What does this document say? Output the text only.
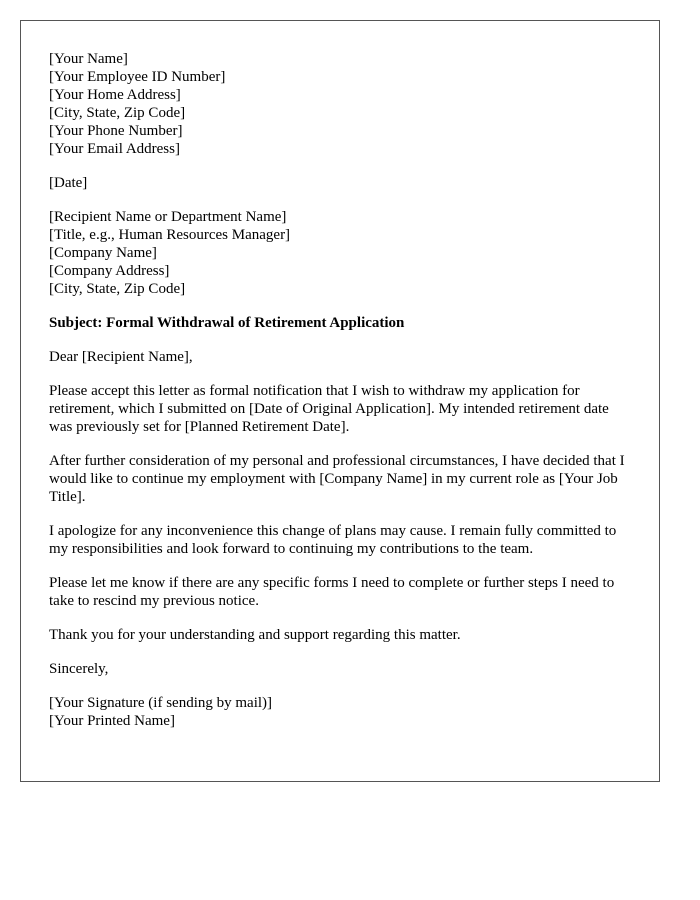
[Your Name]
[Your Employee ID Number]
[Your Home Address]
[City, State, Zip Code]
[Your Phone Number]
[Your Email Address]
[Date]
[Recipient Name or Department Name]
[Title, e.g., Human Resources Manager]
[Company Name]
[Company Address]
[City, State, Zip Code]

Subject: Formal Withdrawal of Retirement Application

Dear [Recipient Name],

Please accept this letter as formal notification that I wish to withdraw my application for retirement, which I submitted on [Date of Original Application]. My intended retirement date was previously set for [Planned Retirement Date].

After further consideration of my personal and professional circumstances, I have decided that I would like to continue my employment with [Company Name] in my current role as [Your Job Title].

I apologize for any inconvenience this change of plans may cause. I remain fully committed to my responsibilities and look forward to continuing my contributions to the team.

Please let me know if there are any specific forms I need to complete or further steps I need to take to rescind my previous notice.

Thank you for your understanding and support regarding this matter.

Sincerely,

[Your Signature (if sending by mail)]
[Your Printed Name]
